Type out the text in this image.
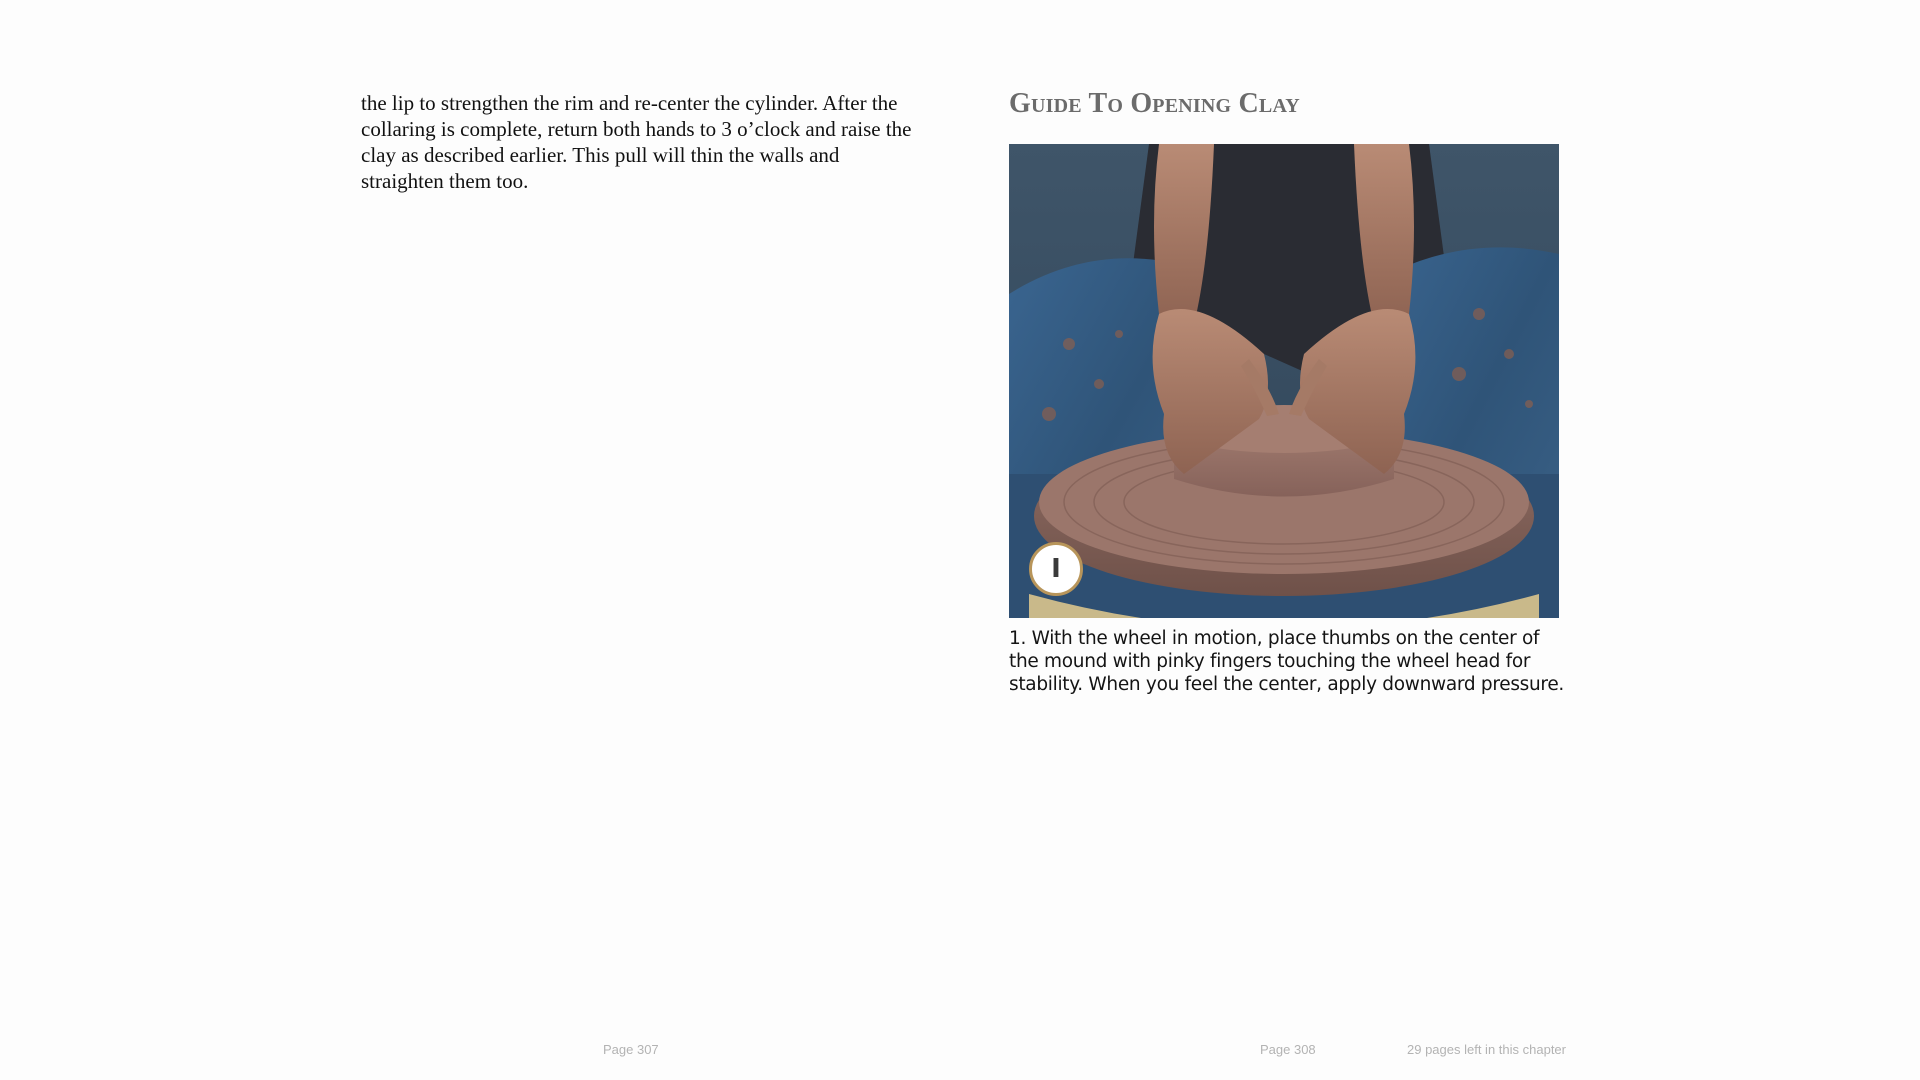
the lip to strengthen the rim and re-center the cylinder. After the collaring is complete, return both hands to 3 o’clock and raise the clay as described earlier. This pull will thin the walls and straighten them too.

Guide To Opening Clay
I

1. With the wheel in motion, place thumbs on the center of the mound with pinky fingers touching the wheel head for stability. When you feel the center, apply downward pressure.

Page 307	Page 308	29 pages left in this chapter
